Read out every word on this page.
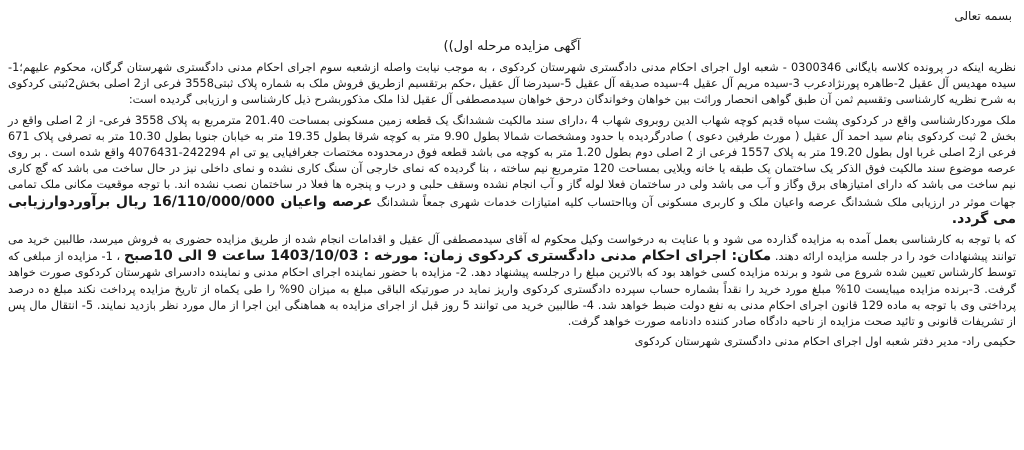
بسمه تعالی
آگهی مزایده مرحله اول))

نظریه اینکه در پرونده کلاسه بایگانی 0300346 - شعبه اول اجرای احکام مدنی دادگستری شهرستان کردکوی ، به موجب نیابت واصله ازشعبه سوم اجرای احکام مدنی دادگستری شهرستان گرگان، محکوم علیهم؛1-سیده مهدیس آل عقیل 2-طاهره پورنژادعرب 3-سیده مریم آل عقیل 4-سیده صدیقه آل عقیل 5-سیدرضا آل عقیل ،حکم برتقسیم ازطریق فروش ملک به شماره پلاک ثبتی3558 فرعی از2 اصلی بخش2ثبتی کردکوی به شرح نظریه کارشناسی وتقسیم ثمن آن طبق گواهی انحصار وراثت بین خواهان وخواندگان درحق خواهان سیدمصطفی آل عقیل لذا ملک مذکوربشرح ذیل کارشناسی و ارزیابی گردیده است:

ملک موردکارشناسی واقع در کردکوی پشت سپاه قدیم کوچه شهاب الدین روبروی شهاب 4 ،دارای سند مالکیت ششدانگ یک قطعه زمین مسکونی بمساحت 201.40 مترمربع به پلاک 3558 فرعی- از 2 اصلی واقع در بخش 2 ثبت کردکوی بنام سید احمد آل عقیل ( مورث طرفین دعوی ) صادرگردیده با حدود ومشخصات شمالا بطول 9.90 متر به کوچه شرقا بطول 19.35 متر به خیابان جنوبا بطول 10.30 متر به تصرفی پلاک 671 فرعی از2 اصلی غربا اول بطول 19.20 متر به پلاک 1557 فرعی از 2 اصلی دوم بطول 1.20 متر به کوچه می باشد قطعه فوق درمحدوده مختصات جغرافیایی یو تی ام 242294-4076431 واقع شده است . بر روی عرصه موضوع سند مالکیت فوق الذکر یک ساختمان یک طبقه یا خانه ویلایی بمساحت 120 مترمربع نیم ساخته ، بنا گردیده که نمای خارجی آن سنگ کاری نشده و نمای داخلی نیز در حال ساخت می باشد که گچ کاری نیم ساخت می باشد که دارای امتیازهای برق وگاز و آب می باشد ولی در ساختمان فعلا لوله گاز و آب انجام نشده وسقف حلبی و درب و پنجره ها فعلا در ساختمان نصب نشده اند. با توجه موقعیت مکانی ملک تمامی جهات موثر در ارزیابی ملک ششدانگ عرصه واعیان ملک و کاربری مسکونی آن وبااحتساب کلیه امتیازات خدمات شهری جمعاً ششدانگ عرصه واعیان 16/110/000/000 ریال برآوردوارزیابی می گردد.

که با توجه به کارشناسی بعمل آمده به مزایده گذارده می شود و با عنایت به درخواست وکیل محکوم له آقای سیدمصطفی آل عقیل و اقدامات انجام شده از طریق مزایده حضوری به فروش میرسد، طالبین خرید می توانند پیشنهادات خود را در جلسه مزایده ارائه دهند. مکان: اجرای احکام مدنی دادگستری کردکوی زمان: مورخه : 1403/10/03 ساعت 9 الی 10صبح ، 1- مزایده از مبلغی که توسط کارشناس تعیین شده شروع می شود و برنده مزایده کسی خواهد بود که بالاترین مبلغ را درجلسه پیشنهاد دهد. 2- مزایده با حضور نماینده اجرای احکام مدنی و نماینده دادسرای شهرستان کردکوی صورت خواهد گرفت. 3-برنده مزایده میبایست 10% مبلغ مورد خرید را نقداً بشماره حساب سپرده دادگستری کردکوی واریز نماید در صورتیکه الباقی مبلغ به میزان 90% را طی یکماه از تاریخ مزایده پرداخت نکند مبلغ ده درصد پرداختی وی با توجه به ماده 129 قانون اجرای احکام مدنی به نفع دولت ضبط خواهد شد. 4- طالبین خرید می توانند 5 روز قبل از اجرای مزایده به هماهنگی این اجرا از مال مورد نظر بازدید نمایند. 5- انتقال مال پس از تشریفات قانونی و تائید صحت مزایده از ناحیه دادگاه صادر کننده دادنامه صورت خواهد گرفت.

حکیمی راد- مدیر دفتر شعبه اول اجرای احکام مدنی دادگستری شهرستان کردکوی
